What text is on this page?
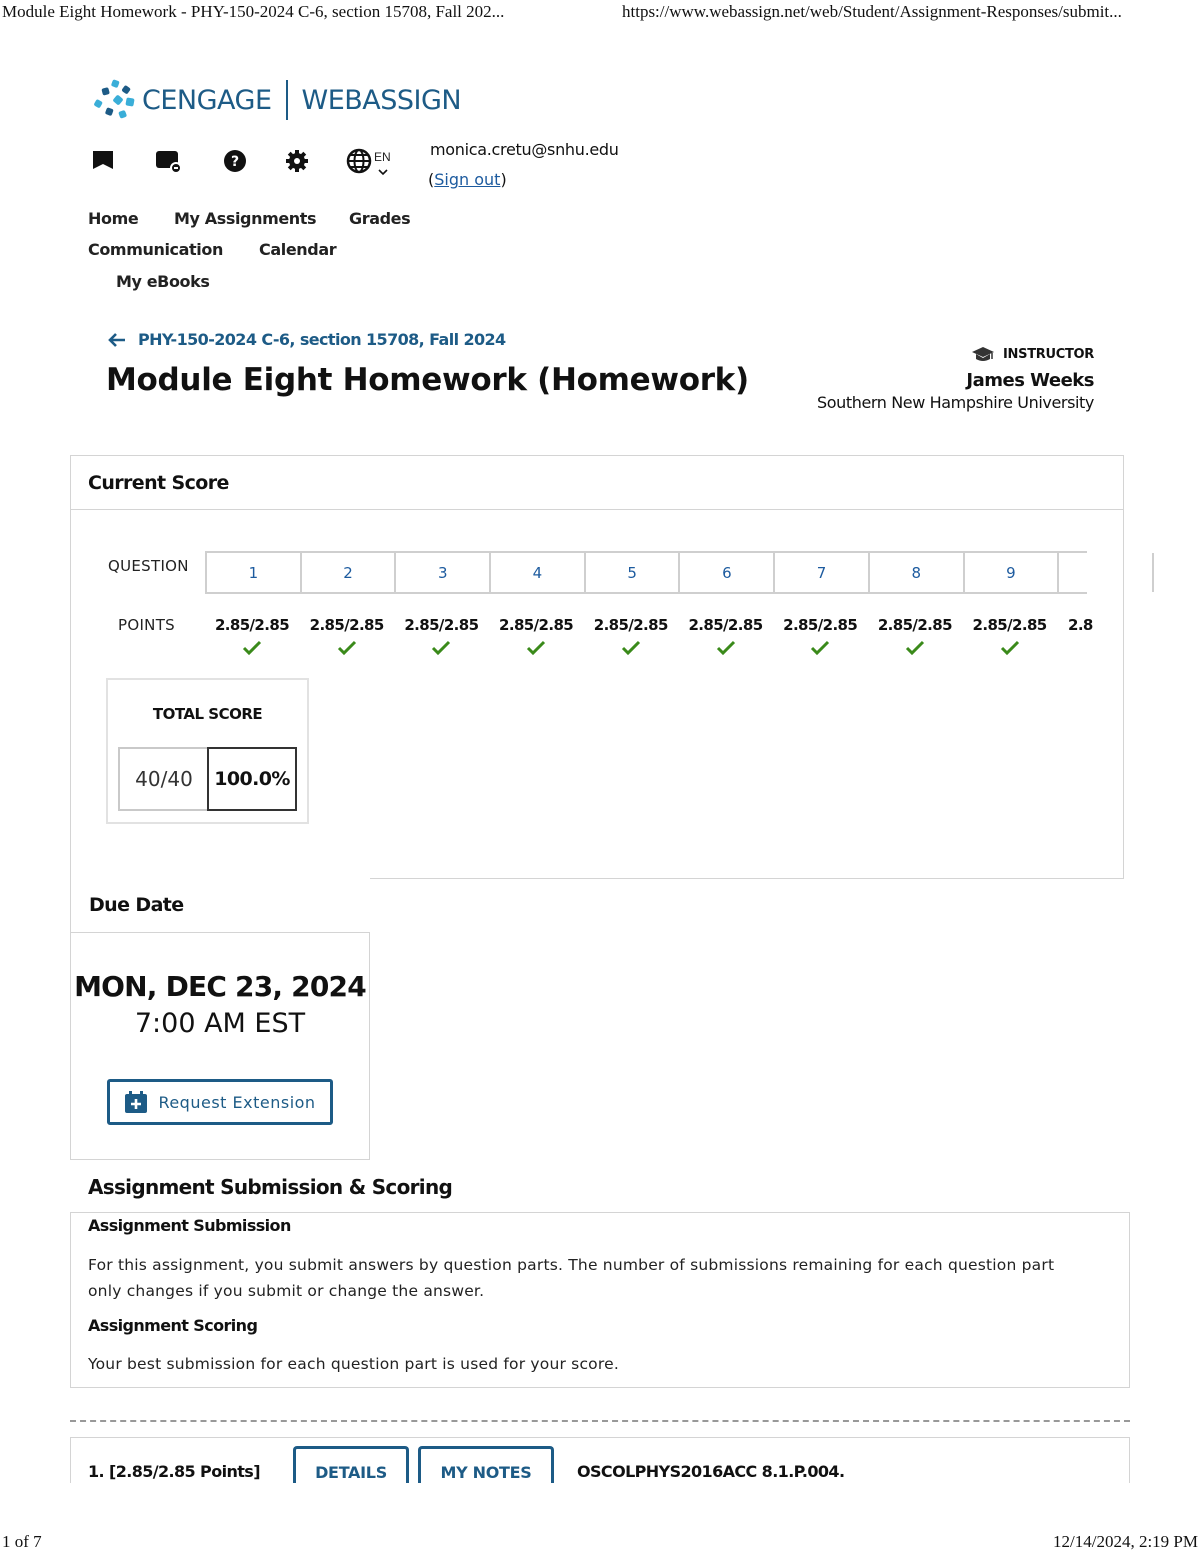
Module Eight Homework - PHY-150-2024 C-6, section 15708, Fall 202...	https://www.webassign.net/web/Student/Assignment-Responses/submit...
CENGAGE WEBASSIGN
?	EN monica.cretu@snhu.edu
(Sign out)
Home My Assignments Grades
Communication Calendar
My eBooks
PHY-150-2024 C-6, section 15708, Fall 2024
Module Eight Homework (Homework)
INSTRUCTOR
James Weeks
Southern New Hampshire University
Current Score
QUESTION
POINTS
1	2	3	4	5	6	7	8	9
2.85/2.85	2.85/2.85	2.85/2.85	2.85/2.85	2.85/2.85	2.85/2.85	2.85/2.85	2.85/2.85	2.85/2.85	2.8
TOTAL SCORE
40/40	100.0%
Due Date
MON, DEC 23, 2024
7:00 AM EST
Request Extension
Assignment Submission & Scoring
Assignment Submission
For this assignment, you submit answers by question parts. The number of submissions remaining for each question part
only changes if you submit or change the answer.
Assignment Scoring
Your best submission for each question part is used for your score.
1. [2.85/2.85 Points]	DETAILS	MY NOTES	OSCOLPHYS2016ACC 8.1.P.004.
1 of 7	12/14/2024, 2:19 PM
